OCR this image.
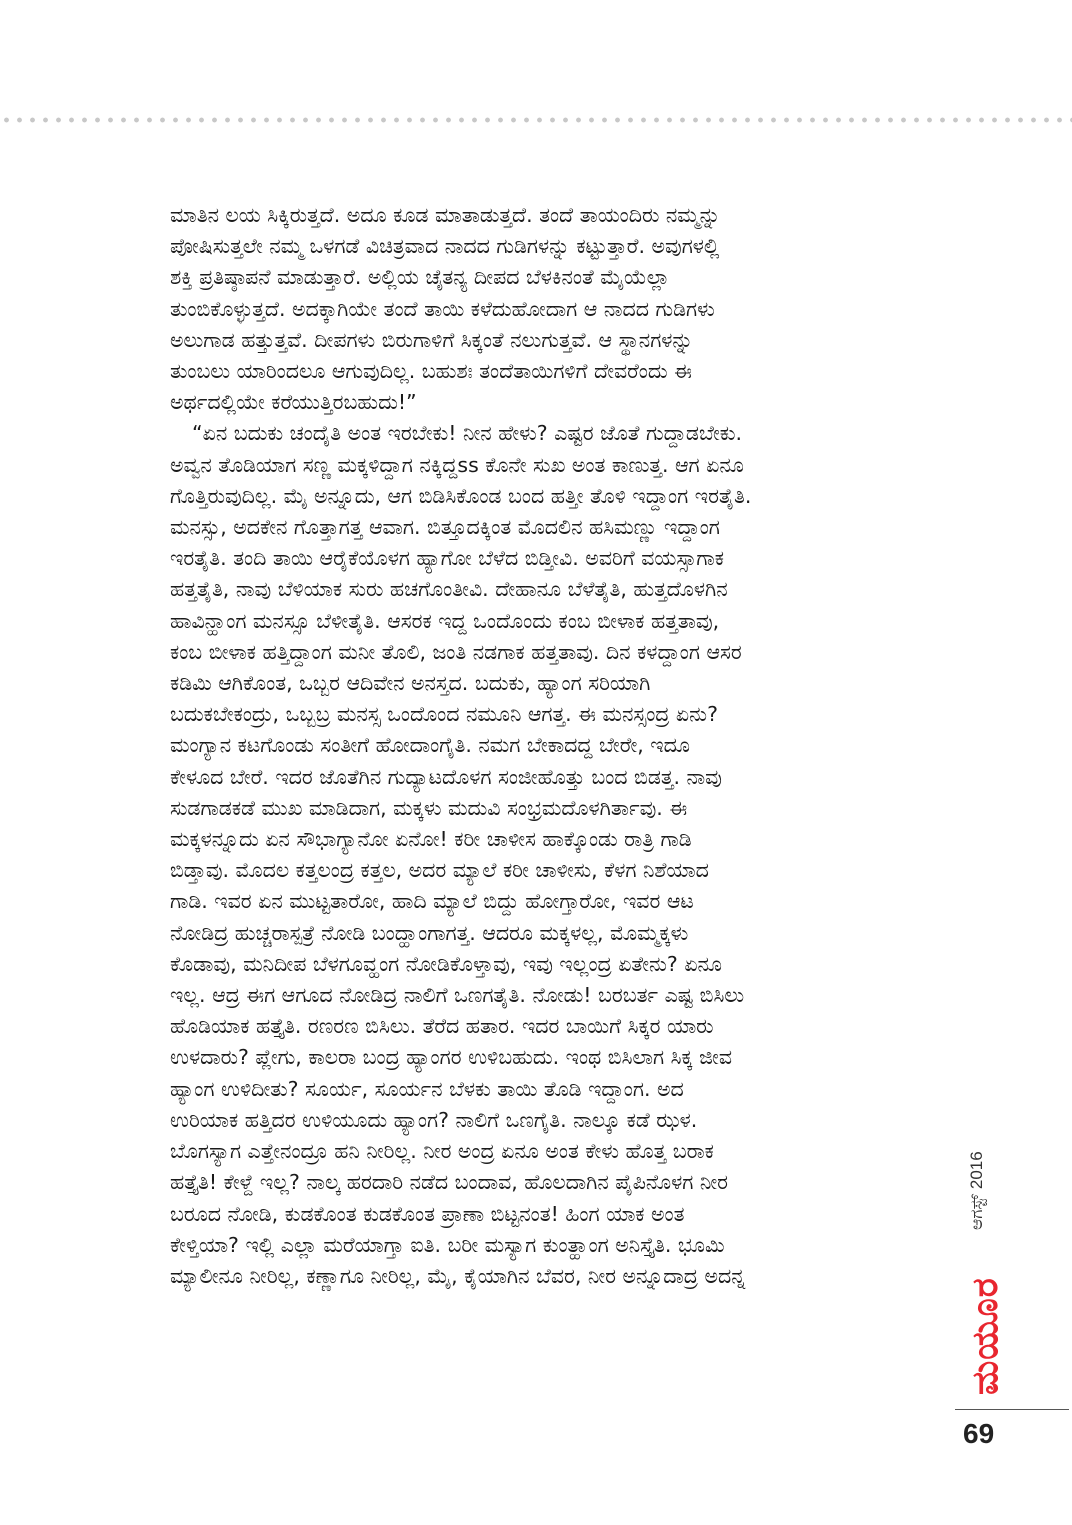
ಮಾತಿನ ಲಯ ಸಿಕ್ಕಿರುತ್ತದೆ. ಅದೂ ಕೂಡ ಮಾತಾಡುತ್ತದೆ. ತಂದೆ ತಾಯಂದಿರು ನಮ್ಮನ್ನು
ಪೋಷಿಸುತ್ತಲೇ ನಮ್ಮ ಒಳಗಡೆ ವಿಚಿತ್ರವಾದ ನಾದದ ಗುಡಿಗಳನ್ನು ಕಟ್ಟುತ್ತಾರೆ. ಅವುಗಳಲ್ಲಿ
ಶಕ್ತಿ ಪ್ರತಿಷ್ಠಾಪನೆ ಮಾಡುತ್ತಾರೆ. ಅಲ್ಲಿಯ ಚೈತನ್ಯ ದೀಪದ ಬೆಳಕಿನಂತೆ ಮೈಯೆಲ್ಲಾ
ತುಂಬಿಕೊಳ್ಳುತ್ತದೆ. ಅದಕ್ಕಾಗಿಯೇ ತಂದೆ ತಾಯಿ ಕಳೆದುಹೋದಾಗ ಆ ನಾದದ ಗುಡಿಗಳು
ಅಲುಗಾಡ ಹತ್ತುತ್ತವೆ. ದೀಪಗಳು ಬಿರುಗಾಳಿಗೆ ಸಿಕ್ಕಂತೆ ನಲುಗುತ್ತವೆ. ಆ ಸ್ಥಾನಗಳನ್ನು
ತುಂಬಲು ಯಾರಿಂದಲೂ ಆಗುವುದಿಲ್ಲ. ಬಹುಶಃ ತಂದೆತಾಯಿಗಳಿಗೆ ದೇವರೆಂದು ಈ
ಅರ್ಥದಲ್ಲಿಯೇ ಕರೆಯುತ್ತಿರಬಹುದು!”
“ಏನ ಬದುಕು ಚಂದೈತಿ ಅಂತ ಇರಬೇಕು! ನೀನ ಹೇಳು? ಎಷ್ಟರ ಜೊತೆ ಗುದ್ದಾಡಬೇಕು.
ಅವ್ವನ ತೊಡಿಯಾಗ ಸಣ್ಣ ಮಕ್ಕಳಿದ್ದಾಗ ನಕ್ಕಿದ್ದss ಕೊನೇ ಸುಖ ಅಂತ ಕಾಣುತ್ತ. ಆಗ ಏನೂ
ಗೊತ್ತಿರುವುದಿಲ್ಲ. ಮೈ ಅನ್ನೂದು, ಆಗ ಬಿಡಿಸಿಕೊಂಡ ಬಂದ ಹತ್ತೀ ತೊಳಿ ಇದ್ದಾಂಗ ಇರತೈತಿ.
ಮನಸ್ಸು, ಅದಕೇನ ಗೊತ್ತಾಗತ್ತ ಆವಾಗ. ಬಿತ್ತೂದಕ್ಕಿಂತ ಮೊದಲಿನ ಹಸಿಮಣ್ಣು ಇದ್ದಾಂಗ
ಇರತೈತಿ. ತಂದಿ ತಾಯಿ ಆರೈಕೆಯೊಳಗ ಹ್ಯಾಗೋ ಬೆಳೆದ ಬಿಡ್ತೀವಿ. ಅವರಿಗೆ ವಯಸ್ಸಾಗಾಕ
ಹತ್ತತೈತಿ, ನಾವು ಬೆಳಿಯಾಕ ಸುರು ಹಚಗೊಂತೀವಿ. ದೇಹಾನೂ ಬೆಳೆತೈತಿ, ಹುತ್ತದೊಳಗಿನ
ಹಾವಿನ್ಹಾಂಗ ಮನಸ್ಸೂ ಬೆಳೀತೈತಿ. ಆಸರಕ ಇದ್ದ ಒಂದೊಂದು ಕಂಬ ಬೀಳಾಕ ಹತ್ತತಾವು,
ಕಂಬ ಬೀಳಾಕ ಹತ್ತಿದ್ದಾಂಗ ಮನೀ ತೊಲಿ, ಜಂತಿ ನಡಗಾಕ ಹತ್ತತಾವು. ದಿನ ಕಳದ್ದಾಂಗ ಆಸರ
ಕಡಿಮಿ ಆಗಿಕೊಂತ, ಒಬ್ಬರ ಆದಿವೇನ ಅನಸ್ತದ. ಬದುಕು, ಹ್ಯಾಂಗ ಸರಿಯಾಗಿ
ಬದುಕಬೇಕಂದ್ರು, ಒಬ್ಬಬ್ರ ಮನಸ್ಸ ಒಂದೊಂದ ನಮೂನಿ ಆಗತ್ತ. ಈ ಮನಸ್ಸಂದ್ರ ಏನು?
ಮಂಗ್ಯಾನ ಕಟಗೊಂಡು ಸಂತೀಗೆ ಹೋದಾಂಗೈತಿ. ನಮಗ ಬೇಕಾದದ್ದ ಬೇರೇ, ಇದೂ
ಕೇಳೂದ ಬೇರೆ. ಇದರ ಜೊತೆಗಿನ ಗುದ್ಯಾಟದೊಳಗ ಸಂಜೀಹೊತ್ತು ಬಂದ ಬಿಡತ್ತ. ನಾವು
ಸುಡಗಾಡಕಡೆ ಮುಖ ಮಾಡಿದಾಗ, ಮಕ್ಕಳು ಮದುವಿ ಸಂಭ್ರಮದೊಳಗಿರ್ತಾವು. ಈ
ಮಕ್ಕಳನ್ನೂದು ಏನ ಸೌಭಾಗ್ಯಾನೋ ಏನೋ! ಕರೀ ಚಾಳೀಸ ಹಾಕ್ಕೊಂಡು ರಾತ್ರಿ ಗಾಡಿ
ಬಿಡ್ತಾವು. ಮೊದಲ ಕತ್ತಲಂದ್ರ ಕತ್ತಲ, ಅದರ ಮ್ಯಾಲೆ ಕರೀ ಚಾಳೀಸು, ಕೆಳಗ ನಿಶೆಯಾದ
ಗಾಡಿ. ಇವರ ಏನ ಮುಟ್ಟತಾರೋ, ಹಾದಿ ಮ್ಯಾಲೆ ಬಿದ್ದು ಹೋಗ್ತಾರೋ, ಇವರ ಆಟ
ನೋಡಿದ್ರ ಹುಚ್ಚರಾಸ್ಪತ್ರೆ ನೋಡಿ ಬಂದ್ಹಾಂಗಾಗತ್ತ. ಆದರೂ ಮಕ್ಕಳಲ್ಲ, ಮೊಮ್ಮಕ್ಕಳು
ಕೊಡಾವು, ಮನಿದೀಪ ಬೆಳಗೂವ್ಹಂಗ ನೋಡಿಕೊಳ್ತಾವು, ಇವು ಇಲ್ಲಂದ್ರ ಏತೇನು? ಏನೂ
ಇಲ್ಲ. ಆದ್ರ ಈಗ ಆಗೂದ ನೋಡಿದ್ರ ನಾಲಿಗೆ ಒಣಗತೈತಿ. ನೋಡು! ಬರಬರ್ತ ಎಷ್ಟ ಬಿಸಿಲು
ಹೊಡಿಯಾಕ ಹತ್ತೈತಿ. ರಣರಣ ಬಿಸಿಲು. ತೆರೆದ ಹತಾರ. ಇದರ ಬಾಯಿಗೆ ಸಿಕ್ಕರ ಯಾರು
ಉಳದಾರು? ಪ್ಲೇಗು, ಕಾಲರಾ ಬಂದ್ರ ಹ್ಯಾಂಗರ ಉಳಿಬಹುದು. ಇಂಥ ಬಿಸಿಲಾಗ ಸಿಕ್ಕ ಜೀವ
ಹ್ಯಾಂಗ ಉಳಿದೀತು? ಸೂರ್ಯ, ಸೂರ್ಯನ ಬೆಳಕು ತಾಯಿ ತೊಡಿ ಇದ್ದಾಂಗ. ಅದ
ಉರಿಯಾಕ ಹತ್ತಿದರ ಉಳಿಯೂದು ಹ್ಯಾಂಗ? ನಾಲಿಗೆ ಒಣಗೈತಿ. ನಾಲ್ಕೂ ಕಡೆ ಝಳ.
ಬೊಗಸ್ಯಾಗ ಎತ್ತೇನಂದ್ರೂ ಹನಿ ನೀರಿಲ್ಲ. ನೀರ ಅಂದ್ರ ಏನೂ ಅಂತ ಕೇಳು ಹೊತ್ತ ಬರಾಕ
ಹತ್ತೈತಿ! ಕೇಳ್ದೆ ಇಲ್ಲ? ನಾಲ್ಕ ಹರದಾರಿ ನಡೆದ ಬಂದಾವ, ಹೊಲದಾಗಿನ ಪೈಪಿನೊಳಗ ನೀರ
ಬರೂದ ನೋಡಿ, ಕುಡಕೊಂತ ಕುಡಕೊಂತ ಪ್ರಾಣಾ ಬಿಟ್ಟನಂತ! ಹಿಂಗ ಯಾಕ ಅಂತ
ಕೇಳ್ತಿಯಾ? ಇಲ್ಲಿ ಎಲ್ಲಾ ಮರೆಯಾಗ್ತಾ ಐತಿ. ಬರೀ ಮಸ್ಯಾಗ ಕುಂತ್ಹಾಂಗ ಅನಿಸ್ತೈತಿ. ಭೂಮಿ
ಮ್ಯಾಲೀನೂ ನೀರಿಲ್ಲ, ಕಣ್ಣಾಗೂ ನೀರಿಲ್ಲ, ಮೈ, ಕೈಯಾಗಿನ ಬೆವರ, ನೀರ ಅನ್ನೂದಾದ್ರ ಅದನ್ನ
ಆಗಸ್ಟ್ 2016
ಮಯೂರ
69
